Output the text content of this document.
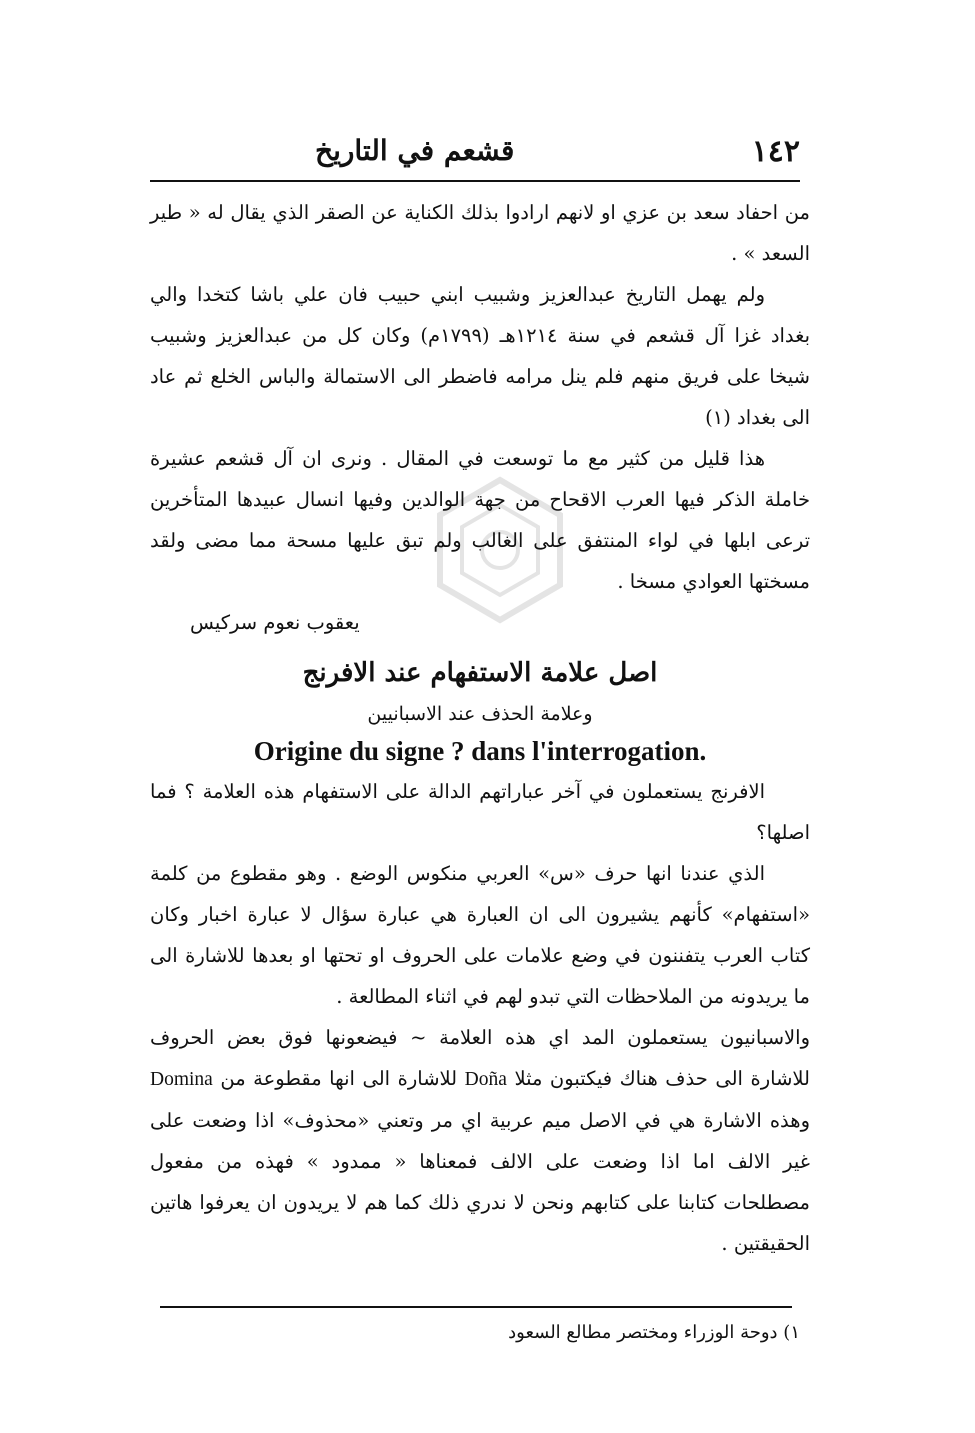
١٤٢
قشعم في التاريخ

من احفاد سعد بن عزي او لانهم ارادوا بذلك الكناية عن الصقر الذي يقال له « طير السعد » .

ولم يهمل التاريخ عبدالعزيز وشبيب ابني حبيب فان علي باشا كتخدا والي بغداد غزا آل قشعم في سنة ١٢١٤هـ (١٧٩٩م) وكان كل من عبدالعزيز وشبيب شيخا على فريق منهم فلم ينل مرامه فاضطر الى الاستمالة والباس الخلع ثم عاد الى بغداد (١)

هذا قليل من كثير مع ما توسعت في المقال . ونرى ان آل قشعم عشيرة خاملة الذكر فيها العرب الاقحاح من جهة الوالدين وفيها انسال عبيدها المتأخرين ترعى ابلها في لواء المنتفق على الغالب ولم تبق عليها مسحة مما مضى ولقد مسختها العوادي مسخا .

يعقوب نعوم سركيس

اصل علامة الاستفهام عند الافرنج
وعلامة الحذف عند الاسبانيين
Origine du signe ? dans l'interrogation.

الافرنج يستعملون في آخر عباراتهم الدالة على الاستفهام هذه العلامة ؟ فما اصلها؟

الذي عندنا انها حرف «س» العربي منكوس الوضع . وهو مقطوع من كلمة «استفهام» كأنهم يشيرون الى ان العبارة هي عبارة سؤال لا عبارة اخبار وكان كتاب العرب يتفننون في وضع علامات على الحروف او تحتها او بعدها للاشارة الى ما يريدونه من الملاحظات التي تبدو لهم في اثناء المطالعة .

والاسبانيون يستعملون المد اي هذه العلامة ~ فيضعونها فوق بعض الحروف للاشارة الى حذف هناك فيكتبون مثلا Doña للاشارة الى انها مقطوعة من Domina وهذه الاشارة هي في الاصل ميم عربية اي مر وتعني «محذوف» اذا وضعت على غير الالف اما اذا وضعت على الالف فمعناها « ممدود » فهذه من مفعول مصطلحات كتابنا على كتابهم ونحن لا ندري ذلك كما هم لا يريدون ان يعرفوا هاتين الحقيقتين .

١) دوحة الوزراء ومختصر مطالع السعود
